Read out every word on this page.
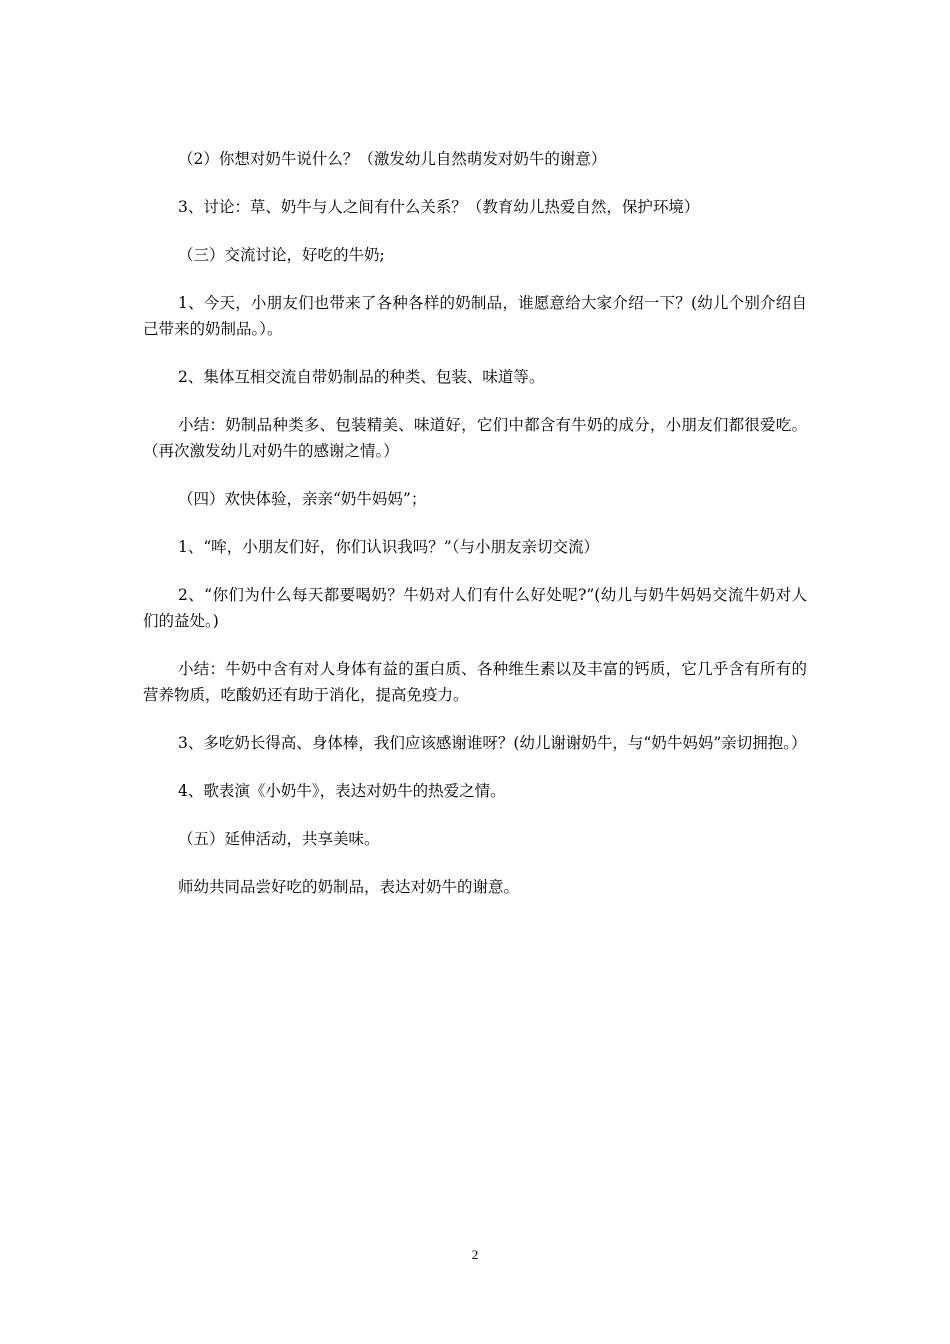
（2）你想对奶牛说什么？（激发幼儿自然萌发对奶牛的谢意）

3、讨论：草、奶牛与人之间有什么关系？（教育幼儿热爱自然，保护环境）

（三）交流讨论，好吃的牛奶;

1、今天，小朋友们也带来了各种各样的奶制品，谁愿意给大家介绍一下？(幼儿个别介绍自己带来的奶制品。）。

2、集体互相交流自带奶制品的种类、包装、味道等。

小结：奶制品种类多、包装精美、味道好，它们中都含有牛奶的成分，小朋友们都很爱吃。（再次激发幼儿对奶牛的感谢之情。）

（四）欢快体验，亲亲“奶牛妈妈”；

1、“哞，小朋友们好，你们认识我吗？”（与小朋友亲切交流）

2、“你们为什么每天都要喝奶？牛奶对人们有什么好处呢?”(幼儿与奶牛妈妈交流牛奶对人们的益处。)

小结：牛奶中含有对人身体有益的蛋白质、各种维生素以及丰富的钙质，它几乎含有所有的营养物质，吃酸奶还有助于消化，提高免疫力。

3、多吃奶长得高、身体棒，我们应该感谢谁呀？(幼儿谢谢奶牛，与“奶牛妈妈”亲切拥抱。）

4、歌表演《小奶牛》，表达对奶牛的热爱之情。

（五）延伸活动，共享美味。

师幼共同品尝好吃的奶制品，表达对奶牛的谢意。

2
